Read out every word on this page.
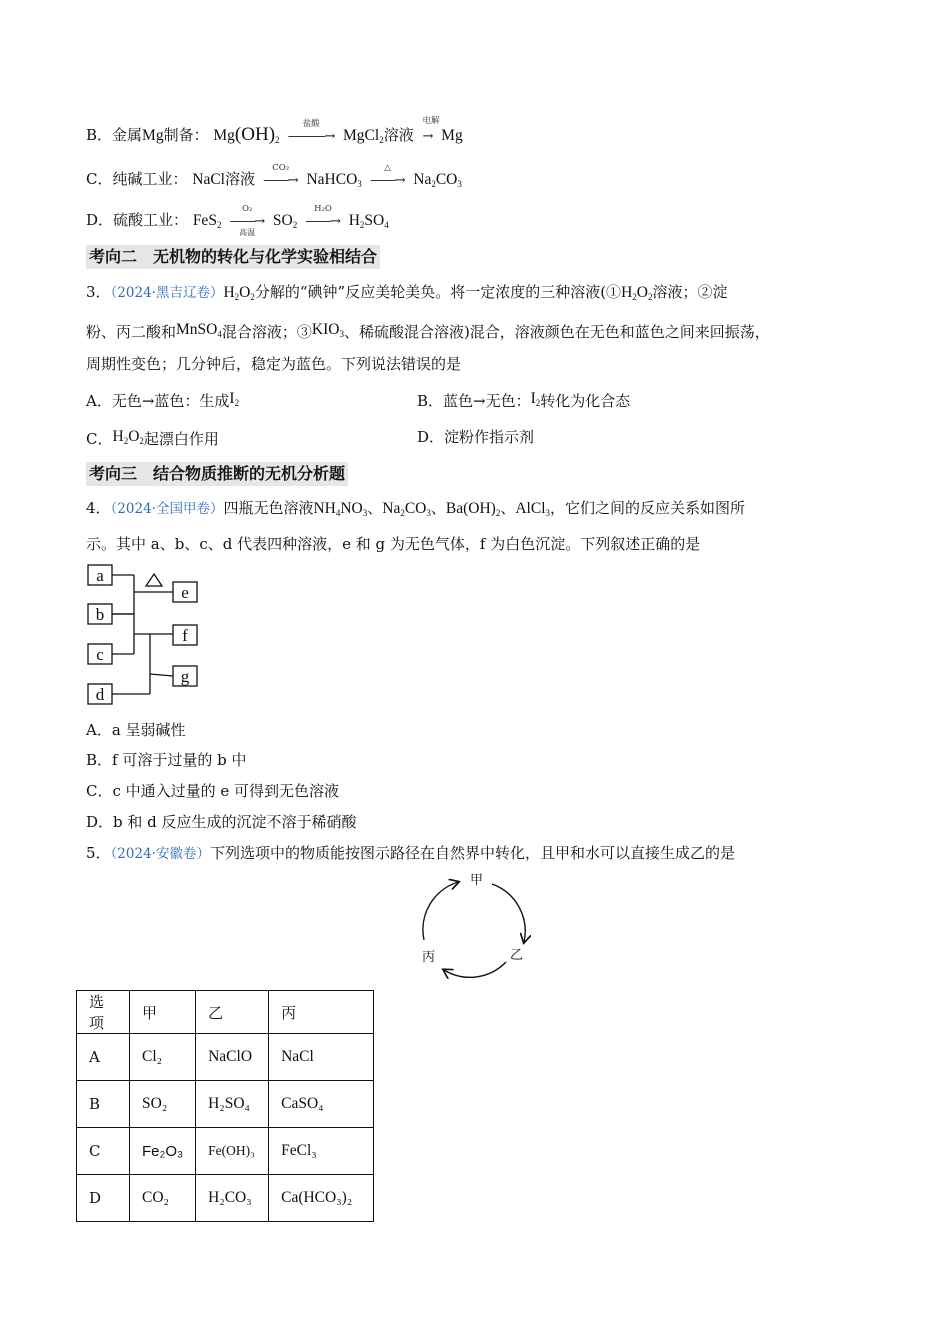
B．金属Mg制备： $Mg(OH)_2$
盐酸
―――→ MgCl$_2$溶液
电解
→ Mg
C．纯碱工业： NaCl溶液
CO₂
――→ NaHCO$_3$
△
――→ $Na_2CO_3$
D．硫酸工业： FeS$_2$
O₂
――→
高温
$SO_2$
H₂O
――→ $H_2SO_4$
考向二　无机物的转化与化学实验相结合
3．（2024·黑吉辽卷）$H_2O_2$分解的“碘钟”反应美轮美奂。将一定浓度的三种溶液($①H_2O_2$溶液；②淀
粉、丙二酸和MnSO$_4$混合溶液；$③KIO_3$、稀硫酸混合溶液)混合，溶液颜色在无色和蓝色之间来回振荡，
周期性变色；几分钟后，稳定为蓝色。下列说法错误的是
A．无色→蓝色：生成$I_2$	B．蓝色→无色：$I_2$转化为化合态
C．$H_2O_2$起漂白作用	D．淀粉作指示剂
考向三　结合物质推断的无机分析题
4．（2024·全国甲卷）四瓶无色溶液$NH_4NO_3$、$Na_2CO_3$、$Ba(OH)_2$、AlCl$_3$，它们之间的反应关系如图所
示。其中 a、b、c、d 代表四种溶液，e 和 g 为无色气体，f 为白色沉淀。下列叙述正确的是
a
b
c
d
e
f
g
A．a 呈弱碱性
B．f 可溶于过量的 b 中
C．c 中通入过量的 e 可得到无色溶液
D．b 和 d 反应生成的沉淀不溶于稀硝酸
5．（2024·安徽卷）下列选项中的物质能按图示路径在自然界中转化，且甲和水可以直接生成乙的是
甲
乙
丙
选项	甲	乙	丙
A	Cl₂	NaClO	NaCl
B	SO₂	H₂SO₄	CaSO₄
C	Fe₂O₃	Fe(OH)₃	FeCl₃
D	CO₂	H₂CO₃	Ca(HCO₃)₂
